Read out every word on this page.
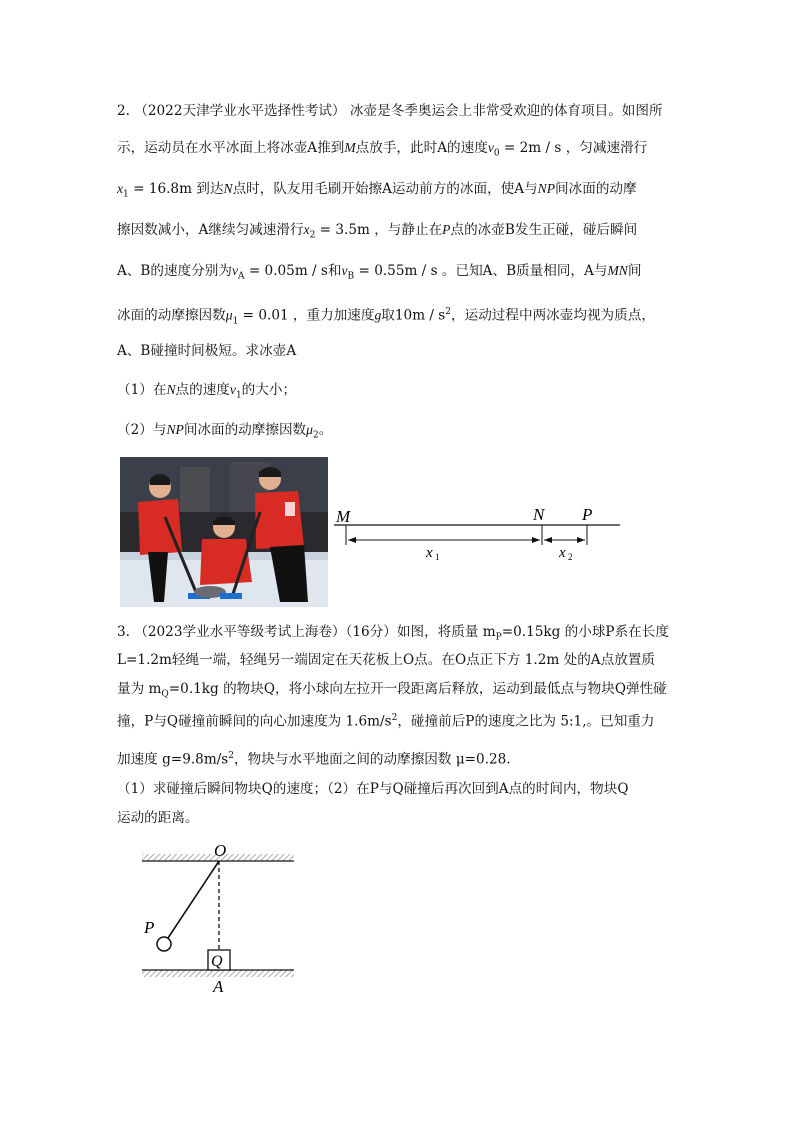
2. （2022天津学业水平选择性考试） 冰壶是冬季奥运会上非常受欢迎的体育项目。如图所
示，运动员在水平冰面上将冰壶A推到M点放手，此时A的速度$v_0 = 2m / s$ ，匀减速滑行
$x_1 = 16.8m$ 到达N点时，队友用毛刷开始擦A运动前方的冰面，使A与NP间冰面的动摩
擦因数减小，A继续匀减速滑行$x_2 = 3.5m$ ，与静止在P点的冰壶B发生正碰，碰后瞬间
A、B的速度分别为$v_A = 0.05m / s$和$v_B = 0.55m / s$ 。已知A、B质量相同，A与MN间
冰面的动摩擦因数$\mu_1 = 0.01$ ，重力加速度g取$10m / s^2$，运动过程中两冰壶均视为质点，
A、B碰撞时间极短。求冰壶A
（1）在N点的速度$v_1$的大小；
（2）与NP间冰面的动摩擦因数$\mu_2$。
M	N P
x 1	x 2
3. （2023学业水平等级考试上海卷）（16分）如图，将质量 $m_P=0.15kg$ 的小球P系在长度
L=1.2m轻绳一端，轻绳另一端固定在天花板上O点。在O点正下方 1.2m 处的A点放置质
量为 $m_Q=0.1kg$ 的物块Q，将小球向左拉开一段距离后释放，运动到最低点与物块Q弹性碰
撞，P与Q碰撞前瞬间的向心加速度为 $1.6m/s^2$，碰撞前后P的速度之比为 5:1,。已知重力
加速度 $g=9.8m/s^2$，物块与水平地面之间的动摩擦因数 μ=0.28.
（1）求碰撞后瞬间物块Q的速度；（2）在P与Q碰撞后再次回到A点的时间内，物块Q
运动的距离。
O
P
Q
A
